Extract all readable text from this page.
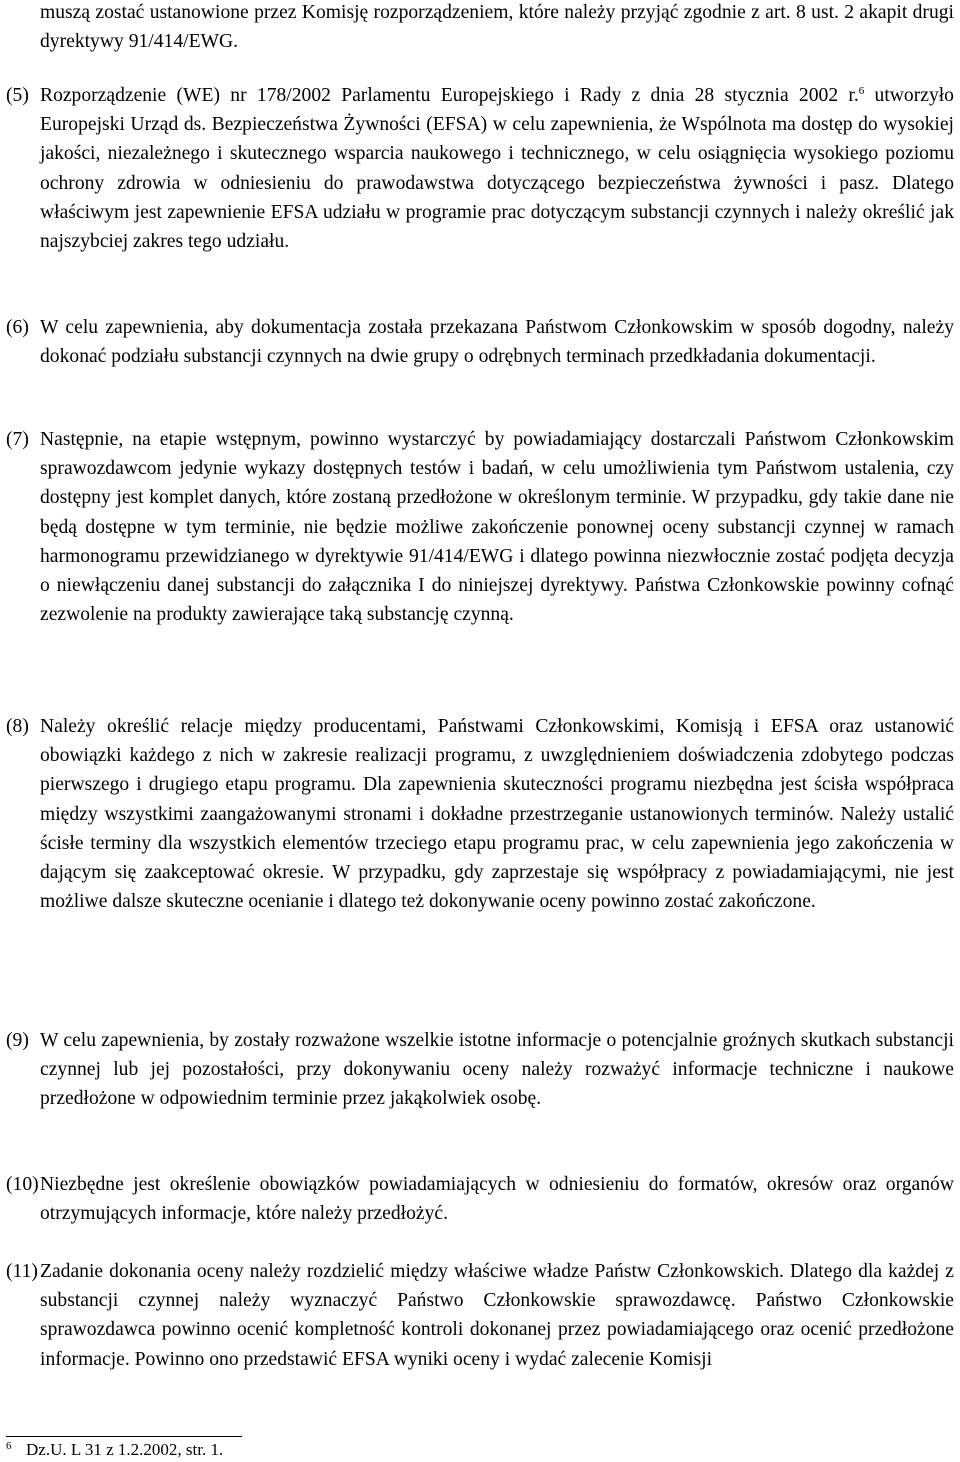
muszą zostać ustanowione przez Komisję rozporządzeniem, które należy przyjąć zgodnie z art. 8 ust. 2 akapit drugi dyrektywy 91/414/EWG.
(5) Rozporządzenie (WE) nr 178/2002 Parlamentu Europejskiego i Rady z dnia 28 stycznia 2002 r.$^6$ utworzyło Europejski Urząd ds. Bezpieczeństwa Żywności (EFSA) w celu zapewnienia, że Wspólnota ma dostęp do wysokiej jakości, niezależnego i skutecznego wsparcia naukowego i technicznego, w celu osiągnięcia wysokiego poziomu ochrony zdrowia w odniesieniu do prawodawstwa dotyczącego bezpieczeństwa żywności i pasz. Dlatego właściwym jest zapewnienie EFSA udziału w programie prac dotyczącym substancji czynnych i należy określić jak najszybciej zakres tego udziału.
(6) W celu zapewnienia, aby dokumentacja została przekazana Państwom Członkowskim w sposób dogodny, należy dokonać podziału substancji czynnych na dwie grupy o odrębnych terminach przedkładania dokumentacji.
(7) Następnie, na etapie wstępnym, powinno wystarczyć by powiadamiający dostarczali Państwom Członkowskim sprawozdawcom jedynie wykazy dostępnych testów i badań, w celu umożliwienia tym Państwom ustalenia, czy dostępny jest komplet danych, które zostaną przedłożone w określonym terminie. W przypadku, gdy takie dane nie będą dostępne w tym terminie, nie będzie możliwe zakończenie ponownej oceny substancji czynnej w ramach harmonogramu przewidzianego w dyrektywie 91/414/EWG i dlatego powinna niezwłocznie zostać podjęta decyzja o niewłączeniu danej substancji do załącznika I do niniejszej dyrektywy. Państwa Członkowskie powinny cofnąć zezwolenie na produkty zawierające taką substancję czynną.
(8) Należy określić relacje między producentami, Państwami Członkowskimi, Komisją i EFSA oraz ustanowić obowiązki każdego z nich w zakresie realizacji programu, z uwzględnieniem doświadczenia zdobytego podczas pierwszego i drugiego etapu programu. Dla zapewnienia skuteczności programu niezbędna jest ścisła współpraca między wszystkimi zaangażowanymi stronami i dokładne przestrzeganie ustanowionych terminów. Należy ustalić ścisłe terminy dla wszystkich elementów trzeciego etapu programu prac, w celu zapewnienia jego zakończenia w dającym się zaakceptować okresie. W przypadku, gdy zaprzestaje się współpracy z powiadamiającymi, nie jest możliwe dalsze skuteczne ocenianie i dlatego też dokonywanie oceny powinno zostać zakończone.
(9) W celu zapewnienia, by zostały rozważone wszelkie istotne informacje o potencjalnie groźnych skutkach substancji czynnej lub jej pozostałości, przy dokonywaniu oceny należy rozważyć informacje techniczne i naukowe przedłożone w odpowiednim terminie przez jakąkolwiek osobę.
(10) Niezbędne jest określenie obowiązków powiadamiających w odniesieniu do formatów, okresów oraz organów otrzymujących informacje, które należy przedłożyć.
(11) Zadanie dokonania oceny należy rozdzielić między właściwe władze Państw Członkowskich. Dlatego dla każdej z substancji czynnej należy wyznaczyć Państwo Członkowskie sprawozdawcę. Państwo Członkowskie sprawozdawca powinno ocenić kompletność kontroli dokonanej przez powiadamiającego oraz ocenić przedłożone informacje. Powinno ono przedstawić EFSA wyniki oceny i wydać zalecenie Komisji
6 Dz.U. L 31 z 1.2.2002, str. 1.
